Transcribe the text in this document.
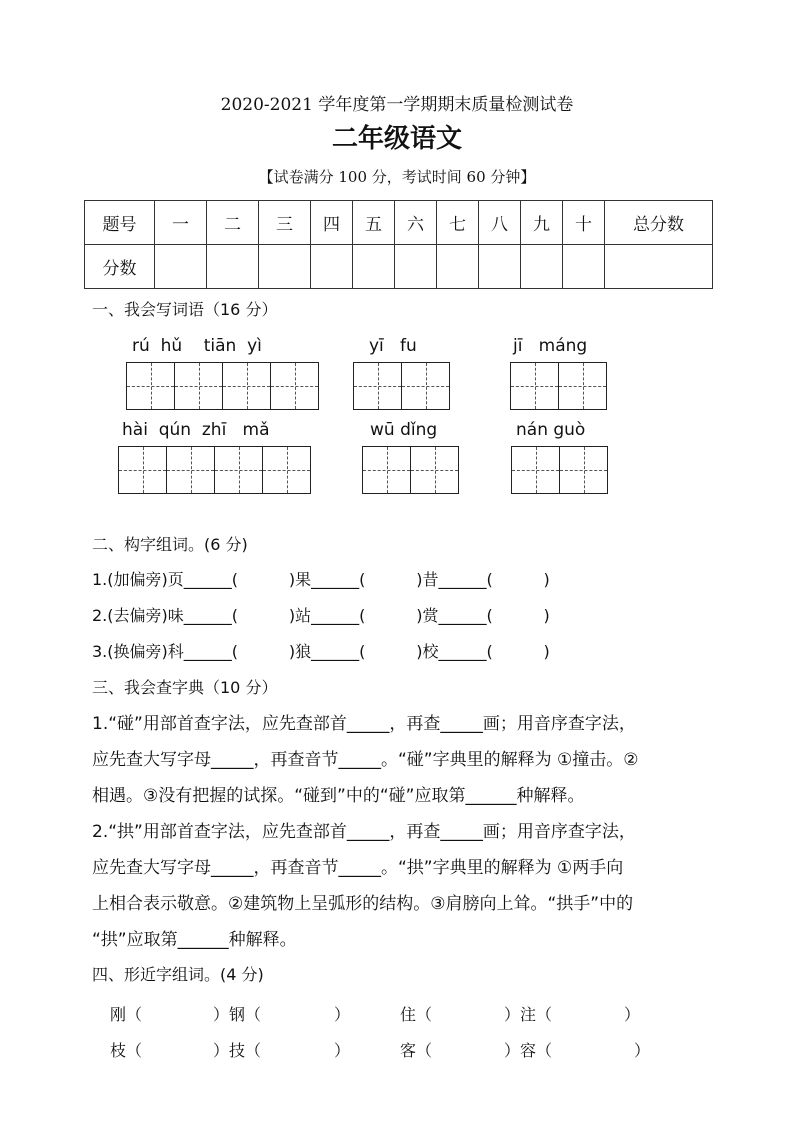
2020-2021 学年度第一学期期末质量检测试卷
二年级语文
【试卷满分 100 分，考试时间 60 分钟】
题号	一	二	三	四	五	六	七	八	九	十	总分数
分数											
一、我会写词语（16 分）
rú  hǔ    tiān  yì	yī   fu	jī   máng
hài  qún  zhī   mǎ	wū dǐng	nán guò
二、构字组词。(6 分)
1.(加偏旁)页______(          )果______(          )昔______(          )
2.(去偏旁)味______(          )站______(          )赏______(          )
3.(换偏旁)科______(          )狼______(          )校______(          )
三、我会查字典（10 分）
1.“碰”用部首查字法，应先查部首_____，再查_____画；用音序查字法，
应先查大写字母_____，再查音节_____。“碰”字典里的解释为 ①撞击。②
相遇。③没有把握的试探。“碰到”中的“碰”应取第______种解释。
2.“拱”用部首查字法，应先查部首_____，再查_____画；用音序查字法，
应先查大写字母_____，再查音节_____。“拱”字典里的解释为 ①两手向
上相合表示敬意。②建筑物上呈弧形的结构。③肩膀向上耸。“拱手”中的
“拱”应取第______种解释。
四、形近字组词。(4 分)
刚（	）钢（	）	住（	）注（	）
枝（	）技（	）	客（	）容（	）
